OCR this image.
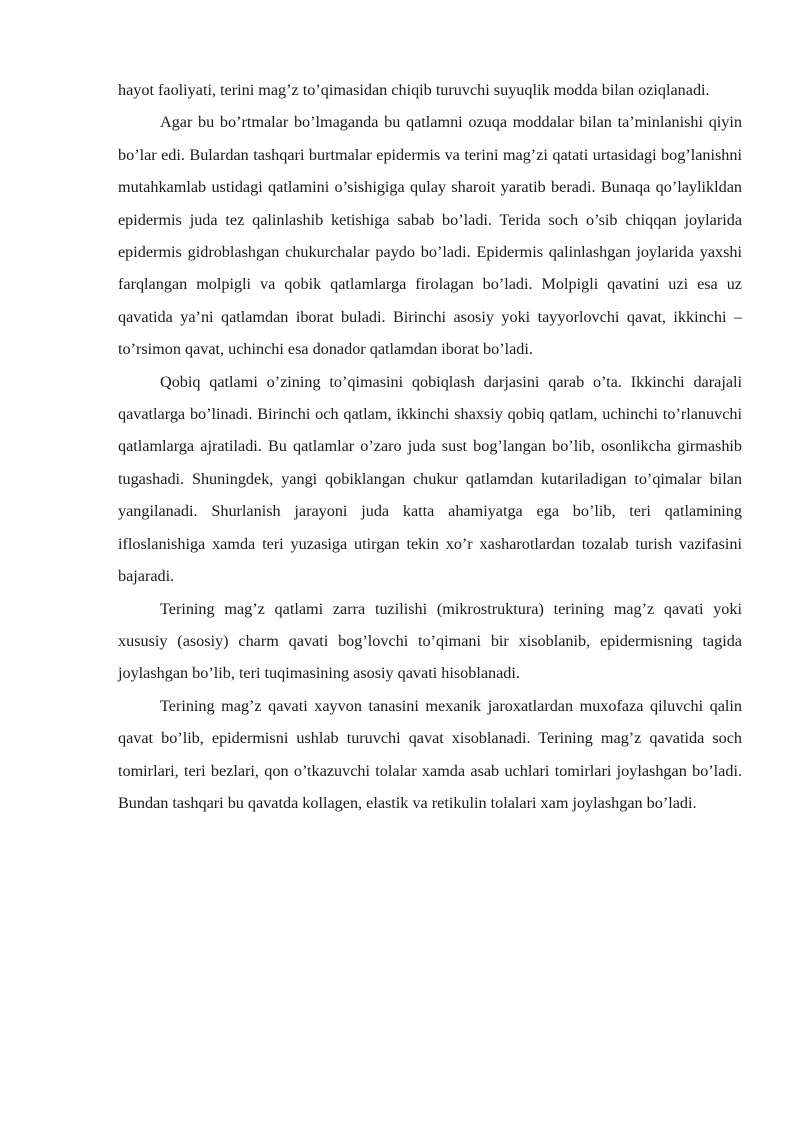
hayot faoliyati, terini mag’z to’qimasidan chiqib turuvchi suyuqlik modda bilan oziqlanadi.

Agar bu bo’rtmalar bo’lmaganda bu qatlamni ozuqa moddalar bilan ta’minlanishi qiyin bo’lar edi. Bulardan tashqari burtmalar epidermis va terini mag’zi qatati urtasidagi bog’lanishni mutahkamlab ustidagi qatlamini o’sishigiga qulay sharoit yaratib beradi. Bunaqa qo’laylikldan epidermis juda tez qalinlashib ketishiga sabab bo’ladi. Terida soch o’sib chiqqan joylarida epidermis gidroblashgan chukurchalar paydo bo’ladi. Epidermis qalinlashgan joylarida yaxshi farqlangan molpigli va qobik qatlamlarga firolagan bo’ladi. Molpigli qavatini uzi esa uz qavatida ya’ni qatlamdan iborat buladi. Birinchi asosiy yoki tayyorlovchi qavat, ikkinchi – to’rsimon qavat, uchinchi esa donador qatlamdan iborat bo’ladi.

Qobiq qatlami o’zining to’qimasini qobiqlash darjasini qarab o’ta. Ikkinchi darajali qavatlarga bo’linadi. Birinchi och qatlam, ikkinchi shaxsiy qobiq qatlam, uchinchi to’rlanuvchi qatlamlarga ajratiladi. Bu qatlamlar o’zaro juda sust bog’langan bo’lib, osonlikcha girmashib tugashadi. Shuningdek, yangi qobiklangan chukur qatlamdan kutariladigan to’qimalar bilan yangilanadi. Shurlanish jarayoni juda katta ahamiyatga ega bo’lib, teri qatlamining ifloslanishiga xamda teri yuzasiga utirgan tekin xo’r xasharotlardan tozalab turish vazifasini bajaradi.

Terining mag’z qatlami zarra tuzilishi (mikrostruktura) terining mag’z qavati yoki xususiy (asosiy) charm qavati bog’lovchi to’qimani bir xisoblanib, epidermisning tagida joylashgan bo’lib, teri tuqimasining asosiy qavati hisoblanadi.

Terining mag’z qavati xayvon tanasini mexanik jaroxatlardan muxofaza qiluvchi qalin qavat bo’lib, epidermisni ushlab turuvchi qavat xisoblanadi. Terining mag’z qavatida soch tomirlari, teri bezlari, qon o’tkazuvchi tolalar xamda asab uchlari tomirlari joylashgan bo’ladi. Bundan tashqari bu qavatda kollagen, elastik va retikulin tolalari xam joylashgan bo’ladi.
